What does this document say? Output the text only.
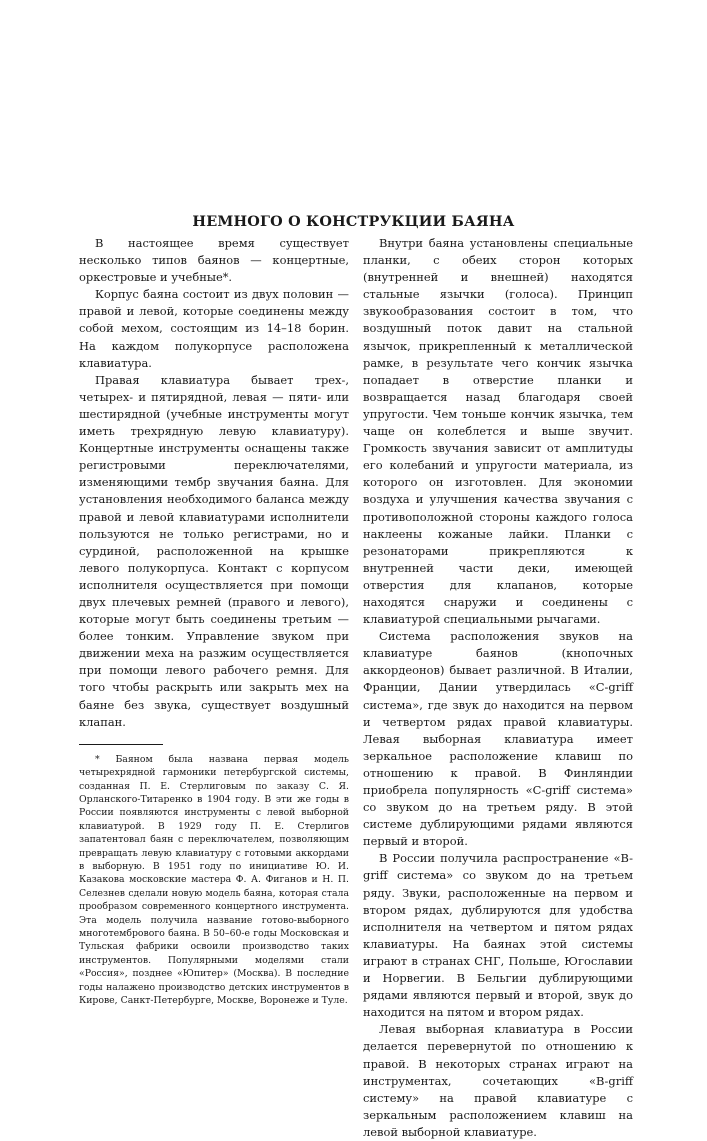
НЕМНОГО О КОНСТРУКЦИИ БАЯНА

В настоящее время существует несколько типов баянов — концертные, оркестровые и учебные*.

Корпус баяна состоит из двух половин — правой и левой, которые соединены между собой мехом, состоящим из 14–18 борин. На каждом полукорпусе расположена клавиатура.

Правая клавиатура бывает трех-, четырех- и пятирядной, левая — пяти- или шестирядной (учебные инструменты могут иметь трехрядную левую клавиатуру). Концертные инструменты оснащены также регистровыми переключателями, изменяющими тембр звучания баяна. Для установления необходимого баланса между правой и левой клавиатурами исполнители пользуются не только регистрами, но и сурдиной, расположенной на крышке левого полукорпуса. Контакт с корпусом исполнителя осуществляется при помощи двух плечевых ремней (правого и левого), которые могут быть соединены третьим — более тонким. Управление звуком при движении меха на разжим осуществляется при помощи левого рабочего ремня. Для того чтобы раскрыть или закрыть мех на баяне без звука, существует воздушный клапан.

* Баяном была названа первая модель четырехрядной гармоники петербургской системы, созданная П. Е. Стерлиговым по заказу С. Я. Орланского-Титаренко в 1904 году. В эти же годы в России появляются инструменты с левой выборной клавиатурой. В 1929 году П. Е. Стерлигов запатентовал баян с переключателем, позволяющим превращать левую клавиатуру с готовыми аккордами в выборную. В 1951 году по инициативе Ю. И. Казакова московские мастера Ф. А. Фиганов и Н. П. Селезнев сделали новую модель баяна, которая стала прообразом современного концертного инструмента. Эта модель получила название готово-выборного многотембрового баяна. В 50–60-е годы Московская и Тульская фабрики освоили производство таких инструментов. Популярными моделями стали «Россия», позднее «Юпитер» (Москва). В последние годы налажено производство детских инструментов в Кирове, Санкт-Петербурге, Москве, Воронеже и Туле.

Внутри баяна установлены специальные планки, с обеих сторон которых (внутренней и внешней) находятся стальные язычки (голоса). Принцип звукообразования состоит в том, что воздушный поток давит на стальной язычок, прикрепленный к металлической рамке, в результате чего кончик язычка попадает в отверстие планки и возвращается назад благодаря своей упругости. Чем тоньше кончик язычка, тем чаще он колеблется и выше звучит. Громкость звучания зависит от амплитуды его колебаний и упругости материала, из которого он изготовлен. Для экономии воздуха и улучшения качества звучания с противоположной стороны каждого голоса наклеены кожаные лайки. Планки с резонаторами прикрепляются к внутренней части деки, имеющей отверстия для клапанов, которые находятся снаружи и соединены с клавиатурой специальными рычагами.

Система расположения звуков на клавиатуре баянов (кнопочных аккордеонов) бывает различной. В Италии, Франции, Дании утвердилась «C-griff система», где звук до находится на первом и четвертом рядах правой клавиатуры. Левая выборная клавиатура имеет зеркальное расположение клавиш по отношению к правой. В Финляндии приобрела популярность «C-griff система» со звуком до на третьем ряду. В этой системе дублирующими рядами являются первый и второй.

В России получила распространение «B-griff система» со звуком до на третьем ряду. Звуки, расположенные на первом и втором рядах, дублируются для удобства исполнителя на четвертом и пятом рядах клавиатуры. На баянах этой системы играют в странах СНГ, Польше, Югославии и Норвегии. В Бельгии дублирующими рядами являются первый и второй, звук до находится на пятом и втором рядах.

Левая выборная клавиатура в России делается перевернутой по отношению к правой. В некоторых странах играют на инструментах, сочетающих «B-griff систему» на правой клавиатуре с зеркальным расположением клавиш на левой выборной клавиатуре.
